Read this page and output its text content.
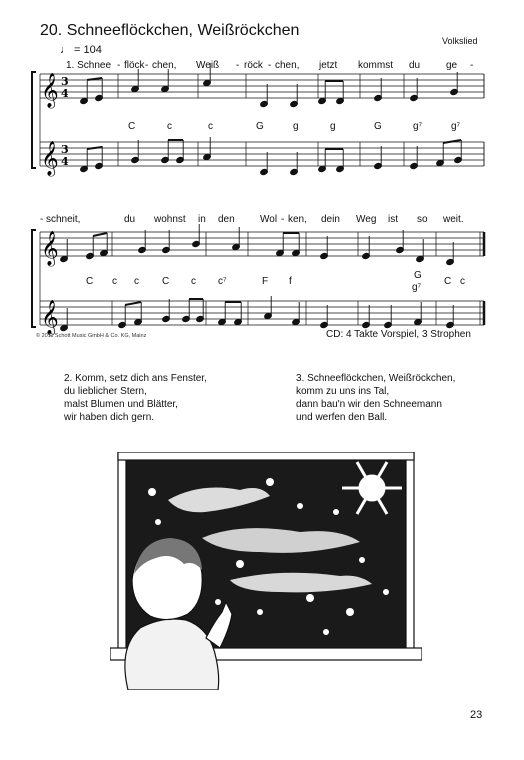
20. Schneeflöckchen, Weißröckchen
♩ = 104
Volkslied
𝄞
𝄞
𝄞
𝄞
3
4
3
4
1. Schnee - flöck - chen, Weiß - röck - chen, jetzt kommst du	ge -
C	c	c	G	g	g	G	g⁷	g⁷
- schneit,	du wohnst in den	Wol - ken, dein Weg ist so weit.
C c c C c c⁷	F f
G
g⁷
C c
© 2011 Schott Music GmbH & Co. KG, Mainz	CD: 4 Takte Vorspiel, 3 Strophen
2. Komm, setz dich ans Fenster,
du lieblicher Stern,
malst Blumen und Blätter,
wir haben dich gern.
3. Schneeflöckchen, Weißröckchen,
komm zu uns ins Tal,
dann bau'n wir den Schneemann
und werfen den Ball.
23
